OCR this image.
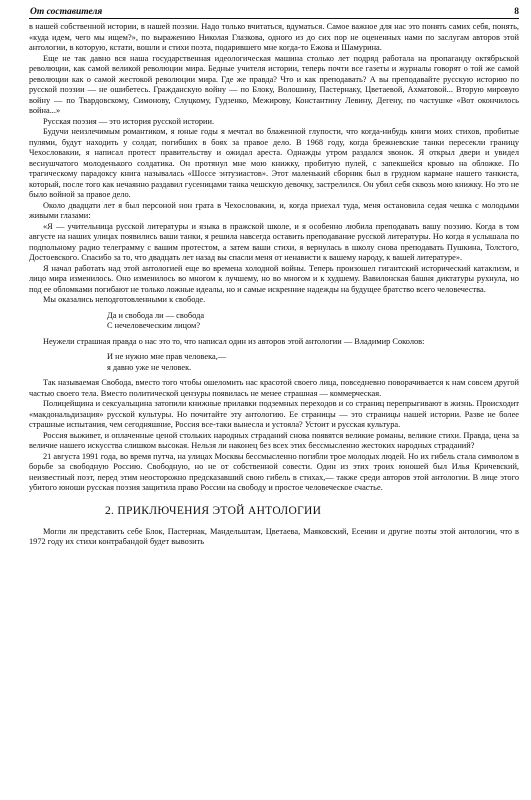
От составителя	8

в нашей собственной истории, в нашей поэзии. Надо только вчитаться, вдуматься. Самое важное для нас это понять самих себя, понять, «куда идем, чего мы ищем?», по выражению Николая Глазкова, одного из до сих пор не оцененных нами по заслугам авторов этой антологии, в которую, кстати, вошли и стихи поэта, подарившего мне когда-то Ежова и Шамурина.

Еще не так давно вся наша государственная идеологическая машина столько лет подряд работала на пропаганду октябрьской революции, как самой великой революции мира. Бедные учителя истории, теперь почти все газеты и журналы говорят о той же самой революции как о самой жестокой революции мира. Где же правда? Что и как преподавать? А вы преподавайте русскую историю по русской поэзии — не ошибетесь. Гражданскую войну — по Блоку, Волошину, Пастернаку, Цветаевой, Ахматовой... Вторую мировую войну — по Твардовскому, Симонову, Слуцкому, Гудзенко, Межирову, Константину Левину, Дегену, по частушке «Вот окончилось война...»

Русская поэзия — это история русской истории.

Будучи неизлечимым романтиком, я юные годы я мечтал во блаженной глупости, что когда-нибудь книги моих стихов, пробитые пулями, будут находить у солдат, погибших в боях за правое дело. В 1968 году, когда брежневские танки пересекли границу Чехословакии, я написал протест правительству и ожидал ареста. Однажды утром раздался звонок. Я открыл двери и увидел веснушчатого молоденького солдатика. Он протянул мне мою книжку, пробитую пулей, с запекшейся кровью на обложке. По трагическому парадоксу книга называлась «Шоссе энтузиастов». Этот маленький сборник был в грудном кармане нашего танкиста, который, после того как нечаянно раздавил гусеницами танка чешскую девочку, застрелился. Он убил себя сквозь мою книжку. Но это не было войной за правое дело.

Около двадцати лет я был персоной нон грата в Чехословакии, и, когда приехал туда, меня остановила седая чешка с молодыми живыми глазами:

«Я — учительница русской литературы и языка в пражской школе, и я особенно любила преподавать вашу поэзию. Когда в том августе на наших улицах появились ваши танки, я решила навсегда оставить преподавание русской литературы. Но когда я услышала по подпольному радио телеграмму с вашим протестом, а затем ваши стихи, я вернулась в школу снова преподавать Пушкина, Толстого, Достоевского. Спасибо за то, что двадцать лет назад вы спасли меня от ненависти к вашему народу, к вашей литературе».

Я начал работать над этой антологией еще во времена холодной войны. Теперь произошел гигантский исторический катаклизм, и лицо мира изменилось. Оно изменилось во многом к лучшему, но во многом и к худшему. Вавилонская башня диктатуры рухнула, но под ее обломками погибают не только ложные идеалы, но и самые искренние надежды на будущее братство всего человечества.

Мы оказались неподготовленными к свободе.

Да и свобода ли — свобода
С нечеловеческим лицом?

Неужели страшная правда о нас это то, что написал один из авторов этой антологии — Владимир Соколов:

И не нужно мне прав человека,—
я давно уже не человек.

Так называемая Свобода, вместо того чтобы ошеломить нас красотой своего лица, повседневно поворачивается к нам совсем другой частью своего тела. Вместо политической цензуры появилась не менее страшная — коммерческая.

Полицейщина и сексуальщина затопили книжные прилавки подземных переходов и со страниц перепрыгивают в жизнь. Происходит «макдональдизация» русской культуры. Но почитайте эту антологию. Ее страницы — это страницы нашей истории. Разве не более страшные испытания, чем сегодняшние, Россия все-таки вынесла и устояла? Устоит и русская культура.

Россия выживет, и оплаченные ценой стольких народных страданий снова появятся великие романы, великие стихи. Правда, цена за величие нашего искусства слишком высокая. Нельзя ли наконец без всех этих бессмысленно жестоких народных страданий?

21 августа 1991 года, во время путча, на улицах Москвы бессмысленно погибли трое молодых людей. Но их гибель стала символом в борьбе за свободную Россию. Свободную, но не от собственной совести. Один из этих троих юношей был Илья Кричевский, неизвестный поэт, перед этим неосторожно предсказавший свою гибель в стихах,— также среди авторов этой антологии. В лице этого убитого юноши русская поэзия защитила право России на свободу и простое человеческое счастье.

2. ПРИКЛЮЧЕНИЯ ЭТОЙ АНТОЛОГИИ

Могли ли представить себе Блок, Пастернак, Мандельштам, Цветаева, Маяковский, Есенин и другие поэты этой антологии, что в 1972 году их стихи контрабандой будет вывозить
